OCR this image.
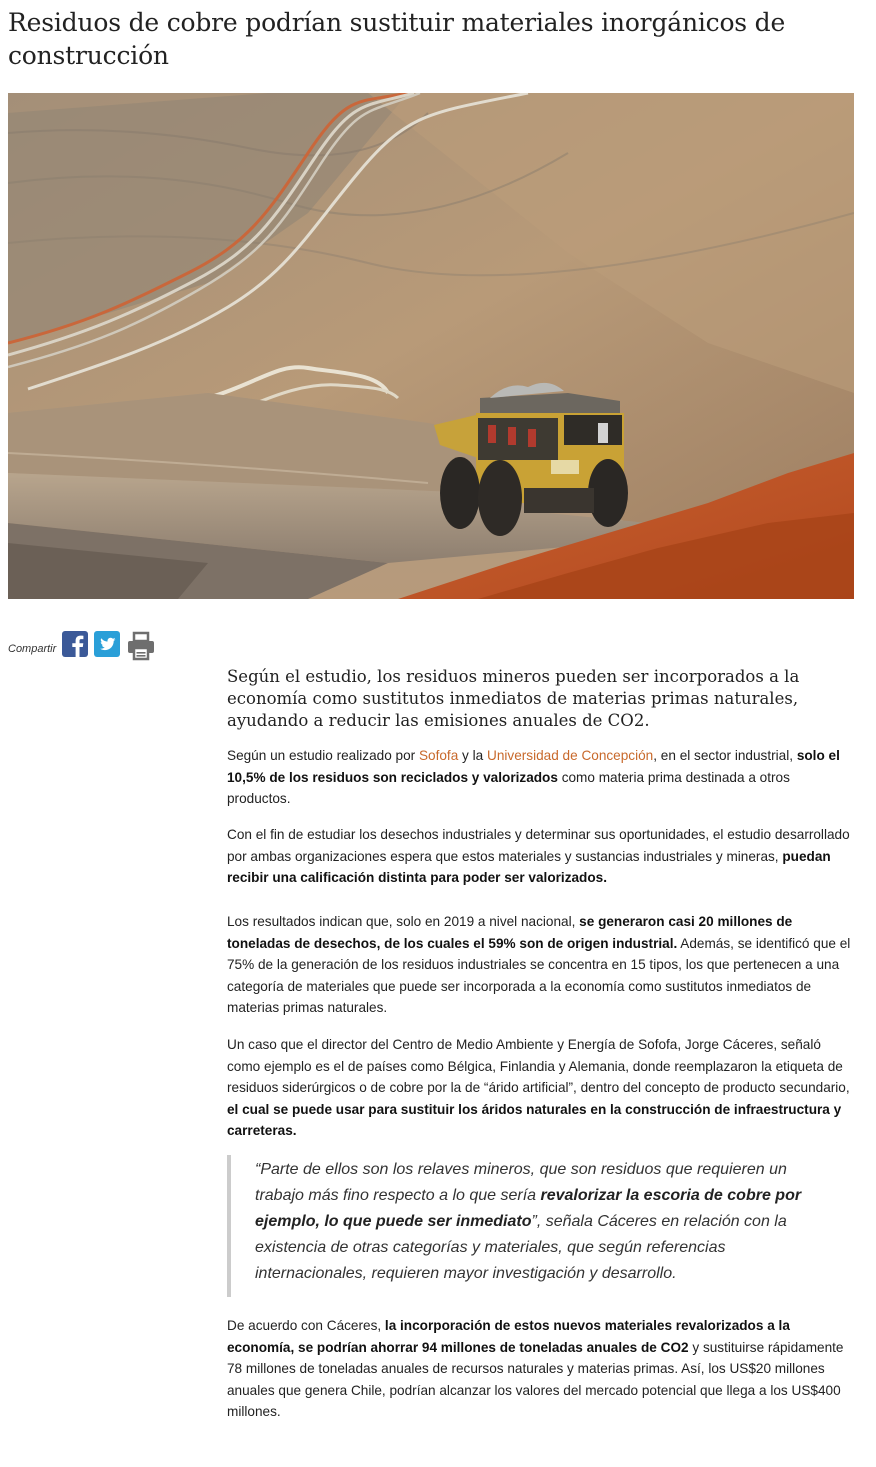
Residuos de cobre podrían sustituir materiales inorgánicos de construcción
Compartir

Según el estudio, los residuos mineros pueden ser incorporados a la economía como sustitutos inmediatos de materias primas naturales, ayudando a reducir las emisiones anuales de CO2.

Según un estudio realizado por Sofofa y la Universidad de Concepción, en el sector industrial, solo el 10,5% de los residuos son reciclados y valorizados como materia prima destinada a otros productos.

Con el fin de estudiar los desechos industriales y determinar sus oportunidades, el estudio desarrollado por ambas organizaciones espera que estos materiales y sustancias industriales y mineras, puedan recibir una calificación distinta para poder ser valorizados.

Los resultados indican que, solo en 2019 a nivel nacional, se generaron casi 20 millones de toneladas de desechos, de los cuales el 59% son de origen industrial. Además, se identificó que el 75% de la generación de los residuos industriales se concentra en 15 tipos, los que pertenecen a una categoría de materiales que puede ser incorporada a la economía como sustitutos inmediatos de materias primas naturales.

Un caso que el director del Centro de Medio Ambiente y Energía de Sofofa, Jorge Cáceres, señaló como ejemplo es el de países como Bélgica, Finlandia y Alemania, donde reemplazaron la etiqueta de residuos siderúrgicos o de cobre por la de “árido artificial”, dentro del concepto de producto secundario, el cual se puede usar para sustituir los áridos naturales en la construcción de infraestructura y carreteras.

“Parte de ellos son los relaves mineros, que son residuos que requieren un trabajo más fino respecto a lo que sería revalorizar la escoria de cobre por ejemplo, lo que puede ser inmediato”, señala Cáceres en relación con la existencia de otras categorías y materiales, que según referencias internacionales, requieren mayor investigación y desarrollo.

De acuerdo con Cáceres, la incorporación de estos nuevos materiales revalorizados a la economía, se podrían ahorrar 94 millones de toneladas anuales de CO2 y sustituirse rápidamente 78 millones de toneladas anuales de recursos naturales y materias primas. Así, los US$20 millones anuales que genera Chile, podrían alcanzar los valores del mercado potencial que llega a los US$400 millones.
